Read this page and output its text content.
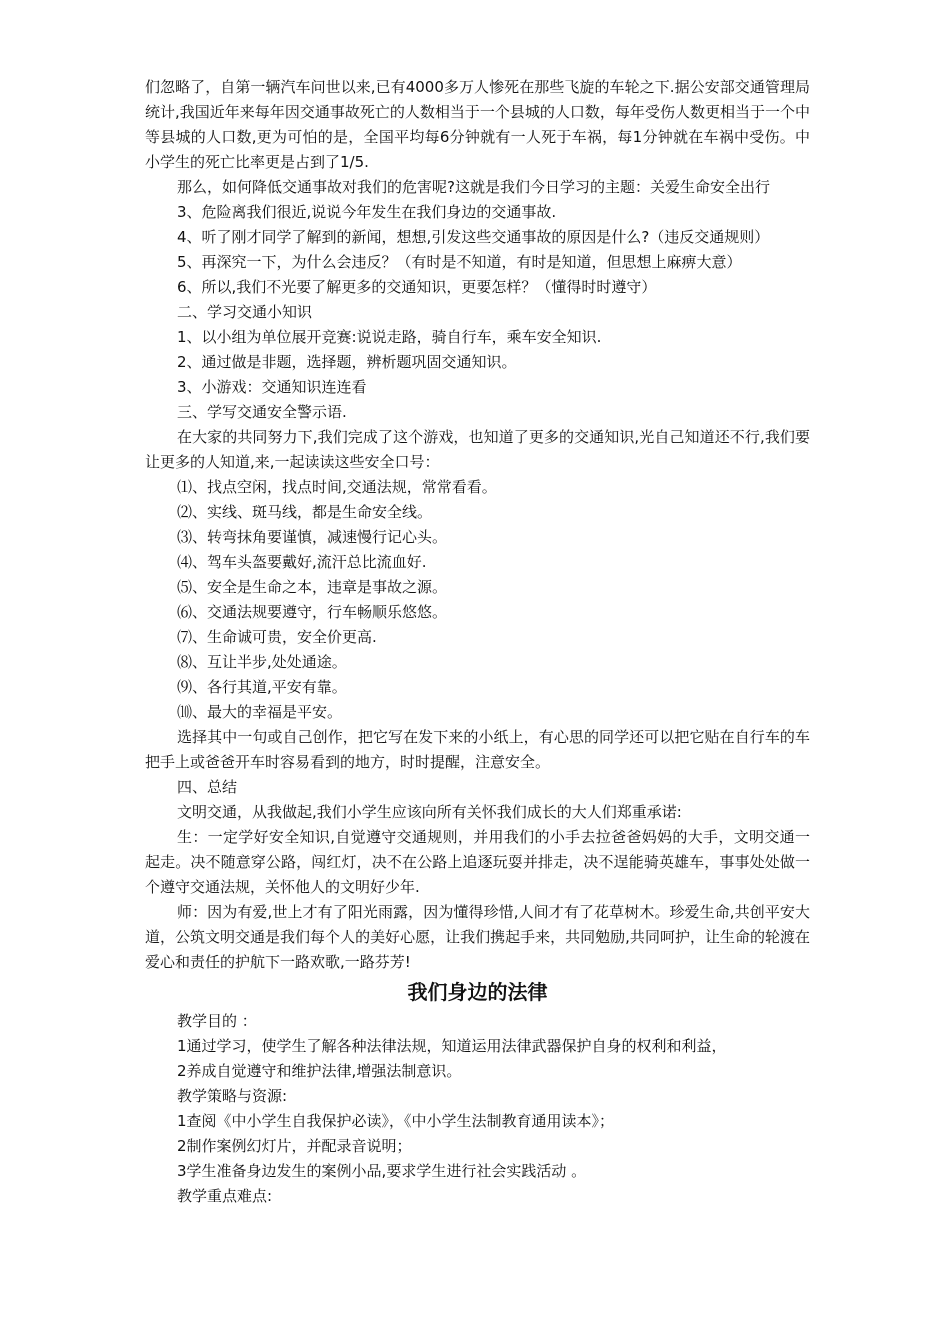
们忽略了，自第一辆汽车问世以来,已有4000多万人惨死在那些飞旋的车轮之下.据公安部交通管理局统计,我国近年来每年因交通事故死亡的人数相当于一个县城的人口数，每年受伤人数更相当于一个中等县城的人口数,更为可怕的是，全国平均每6分钟就有一人死于车祸，每1分钟就在车祸中受伤。中小学生的死亡比率更是占到了1/5.

那么，如何降低交通事故对我们的危害呢?这就是我们今日学习的主题：关爱生命安全出行

3、危险离我们很近,说说今年发生在我们身边的交通事故.

4、听了刚才同学了解到的新闻，想想,引发这些交通事故的原因是什么?（违反交通规则）

5、再深究一下，为什么会违反？（有时是不知道，有时是知道，但思想上麻痹大意）

6、所以,我们不光要了解更多的交通知识，更要怎样？（懂得时时遵守）

二、学习交通小知识

1、以小组为单位展开竞赛:说说走路，骑自行车，乘车安全知识.

2、通过做是非题，选择题，辨析题巩固交通知识。

3、小游戏：交通知识连连看

三、学写交通安全警示语.

在大家的共同努力下,我们完成了这个游戏，也知道了更多的交通知识,光自己知道还不行,我们要让更多的人知道,来,一起读读这些安全口号：

⑴、找点空闲，找点时间,交通法规，常常看看。

⑵、实线、斑马线，都是生命安全线。

⑶、转弯抹角要谨慎，减速慢行记心头。

⑷、驾车头盔要戴好,流汗总比流血好.

⑸、安全是生命之本，违章是事故之源。

⑹、交通法规要遵守，行车畅顺乐悠悠。

⑺、生命诚可贵，安全价更高.

⑻、互让半步,处处通途。

⑼、各行其道,平安有靠。

⑽、最大的幸福是平安。

选择其中一句或自己创作，把它写在发下来的小纸上，有心思的同学还可以把它贴在自行车的车把手上或爸爸开车时容易看到的地方，时时提醒，注意安全。

四、总结

文明交通，从我做起,我们小学生应该向所有关怀我们成长的大人们郑重承诺:

生：一定学好安全知识,自觉遵守交通规则，并用我们的小手去拉爸爸妈妈的大手，文明交通一起走。决不随意穿公路，闯红灯，决不在公路上追逐玩耍并排走，决不逞能骑英雄车，事事处处做一个遵守交通法规，关怀他人的文明好少年.

师：因为有爱,世上才有了阳光雨露，因为懂得珍惜,人间才有了花草树木。珍爱生命,共创平安大道，公筑文明交通是我们每个人的美好心愿，让我们携起手来，共同勉励,共同呵护，让生命的轮渡在爱心和责任的护航下一路欢歌,一路芬芳!

我们身边的法律

教学目的 ：

1通过学习，使学生了解各种法律法规，知道运用法律武器保护自身的权利和利益，

2养成自觉遵守和维护法律,增强法制意识。

教学策略与资源:

1查阅《中小学生自我保护必读》，《中小学生法制教育通用读本》；

2制作案例幻灯片，并配录音说明；

3学生准备身边发生的案例小品,要求学生进行社会实践活动 。

教学重点难点:
